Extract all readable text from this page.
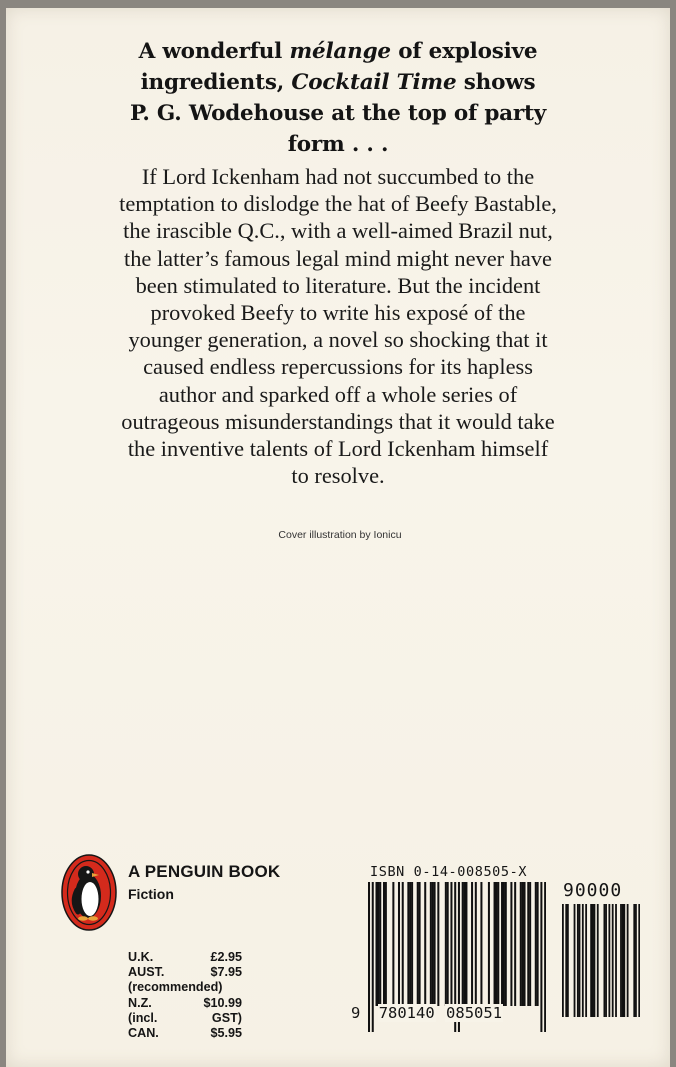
A wonderful mélange of explosive
ingredients, Cocktail Time shows
P. G. Wodehouse at the top of party
form . . .
If Lord Ickenham had not succumbed to the
temptation to dislodge the hat of Beefy Bastable,
the irascible Q.C., with a well-aimed Brazil nut,
the latter’s famous legal mind might never have
been stimulated to literature. But the incident
provoked Beefy to write his exposé of the
younger generation, a novel so shocking that it
caused endless repercussions for its hapless
author and sparked off a whole series of
outrageous misunderstandings that it would take
the inventive talents of Lord Ickenham himself
to resolve.
Cover illustration by Ionicu
A PENGUIN BOOK
Fiction
U.K.	£2.95
AUST.	$7.95
(recommended)
N.Z.	$10.99
(incl.	GST)
CAN.	$5.95
ISBN 0-14-008505-X
9 780140 085051
90000
